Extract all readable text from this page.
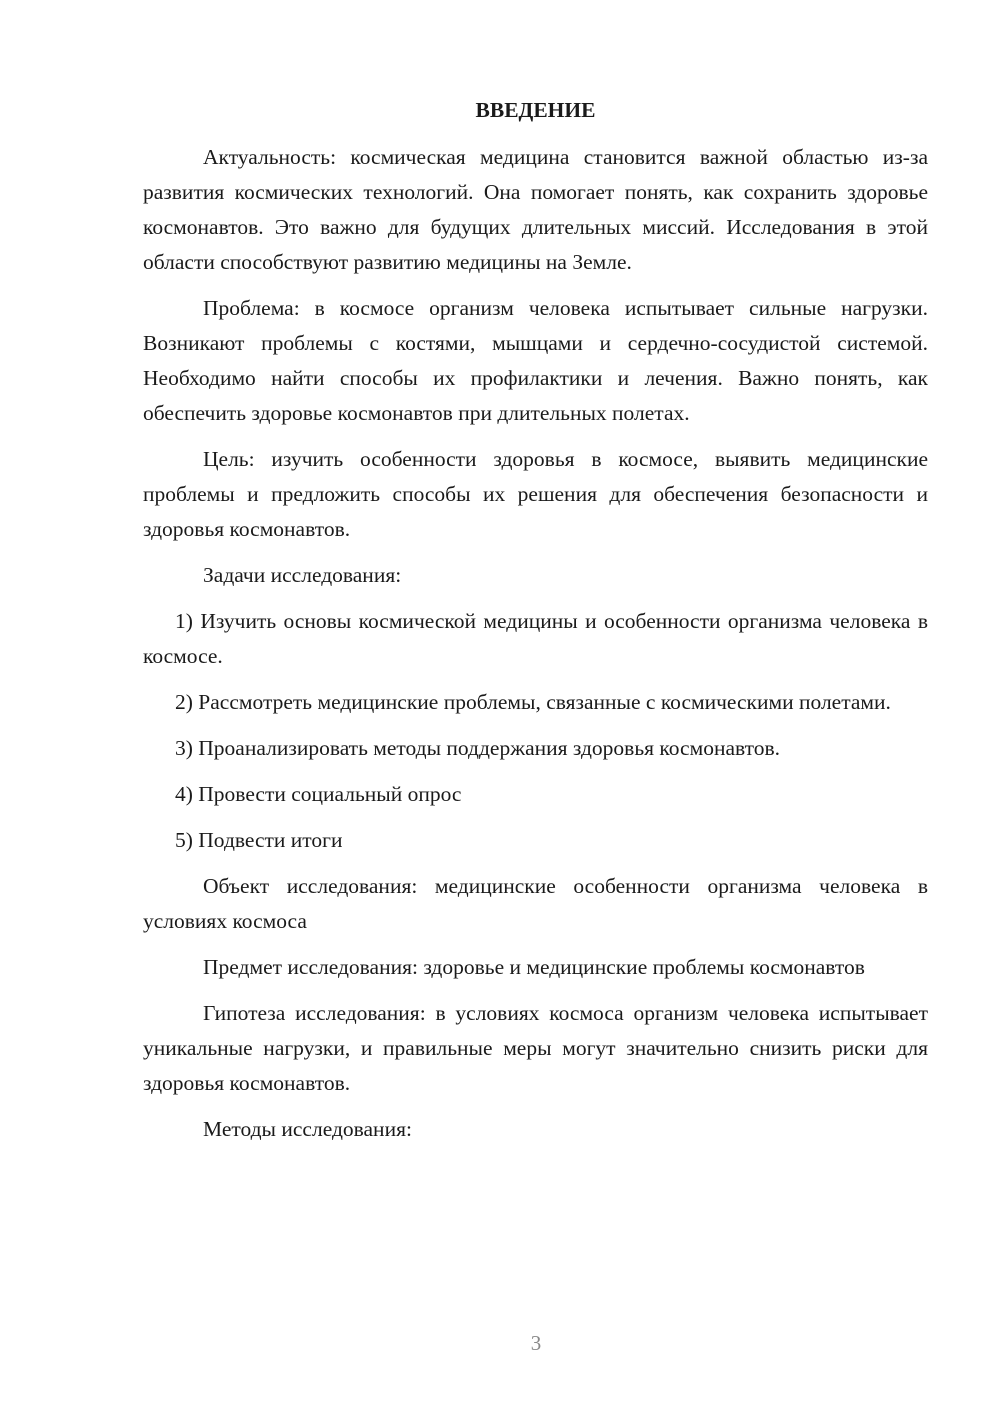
ВВЕДЕНИЕ

Актуальность: космическая медицина становится важной областью из-за развития космических технологий. Она помогает понять, как сохранить здоровье космонавтов. Это важно для будущих длительных миссий. Исследования в этой области способствуют развитию медицины на Земле.

Проблема: в космосе организм человека испытывает сильные нагрузки. Возникают проблемы с костями, мышцами и сердечно-сосудистой системой. Необходимо найти способы их профилактики и лечения. Важно понять, как обеспечить здоровье космонавтов при длительных полетах.

Цель: изучить особенности здоровья в космосе, выявить медицинские проблемы и предложить способы их решения для обеспечения безопасности и здоровья космонавтов.

Задачи исследования:

1) Изучить основы космической медицины и особенности организма человека в космосе.

2) Рассмотреть медицинские проблемы, связанные с космическими полетами.

3) Проанализировать методы поддержания здоровья космонавтов.

4) Провести социальный опрос

5) Подвести итоги

Объект исследования: медицинские особенности организма человека в условиях космоса

Предмет исследования: здоровье и медицинские проблемы космонавтов

Гипотеза исследования: в условиях космоса организм человека испытывает уникальные нагрузки, и правильные меры могут значительно снизить риски для здоровья космонавтов.

Методы исследования:

3
